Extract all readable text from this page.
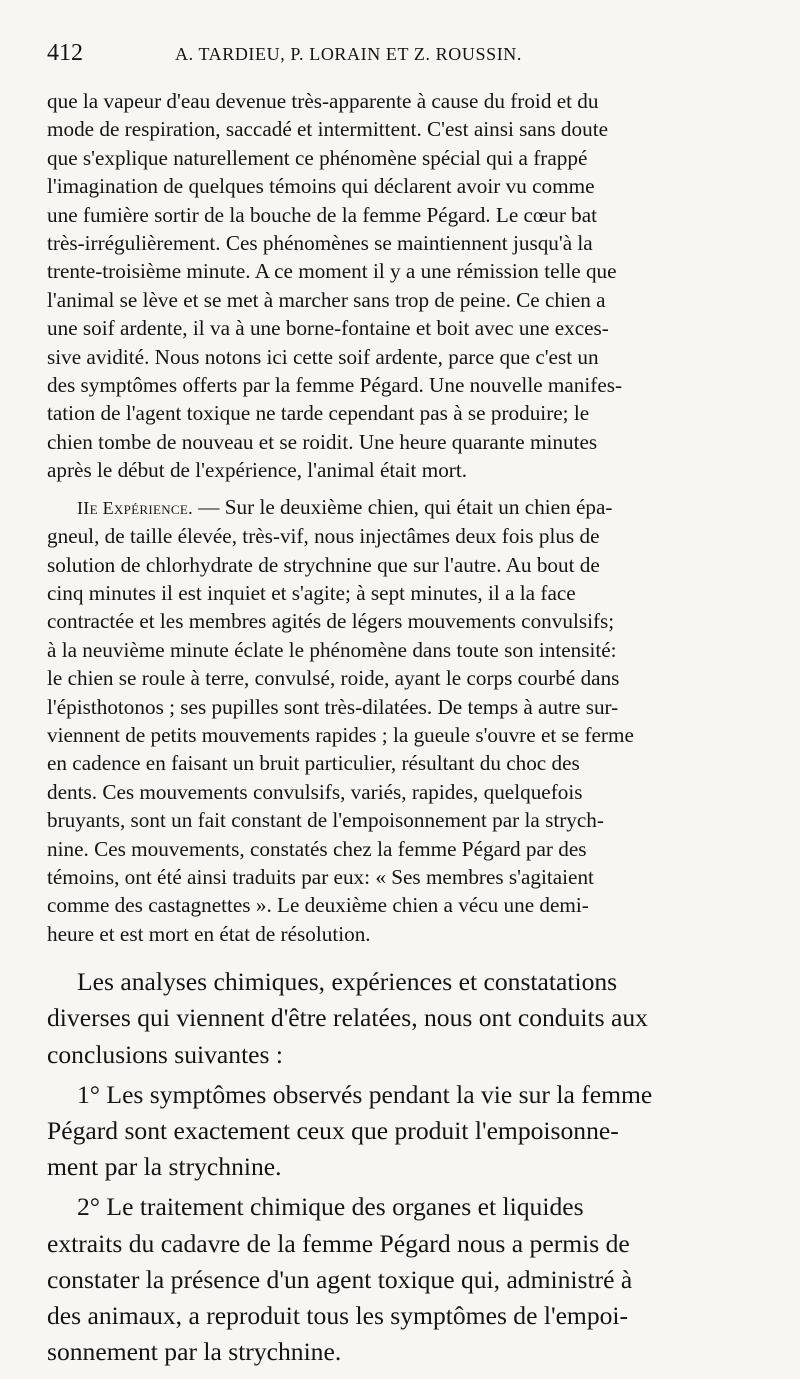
412	A. TARDIEU, P. LORAIN ET Z. ROUSSIN.

que la vapeur d'eau devenue très-apparente à cause du froid et du
mode de respiration, saccadé et intermittent. C'est ainsi sans doute
que s'explique naturellement ce phénomène spécial qui a frappé
l'imagination de quelques témoins qui déclarent avoir vu comme
une fumière sortir de la bouche de la femme Pégard. Le cœur bat
très-irrégulièrement. Ces phénomènes se maintiennent jusqu'à la
trente-troisième minute. A ce moment il y a une rémission telle que
l'animal se lève et se met à marcher sans trop de peine. Ce chien a
une soif ardente, il va à une borne-fontaine et boit avec une exces-
sive avidité. Nous notons ici cette soif ardente, parce que c'est un
des symptômes offerts par la femme Pégard. Une nouvelle manifes-
tation de l'agent toxique ne tarde cependant pas à se produire; le
chien tombe de nouveau et se roidit. Une heure quarante minutes
après le début de l'expérience, l'animal était mort.

IIe Expérience. — Sur le deuxième chien, qui était un chien épa-
gneul, de taille élevée, très-vif, nous injectâmes deux fois plus de
solution de chlorhydrate de strychnine que sur l'autre. Au bout de
cinq minutes il est inquiet et s'agite; à sept minutes, il a la face
contractée et les membres agités de légers mouvements convulsifs;
à la neuvième minute éclate le phénomène dans toute son intensité:
le chien se roule à terre, convulsé, roide, ayant le corps courbé dans
l'épisthotonos ; ses pupilles sont très-dilatées. De temps à autre sur-
viennent de petits mouvements rapides ; la gueule s'ouvre et se ferme
en cadence en faisant un bruit particulier, résultant du choc des
dents. Ces mouvements convulsifs, variés, rapides, quelquefois
bruyants, sont un fait constant de l'empoisonnement par la strych-
nine. Ces mouvements, constatés chez la femme Pégard par des
témoins, ont été ainsi traduits par eux: « Ses membres s'agitaient
comme des castagnettes ». Le deuxième chien a vécu une demi-
heure et est mort en état de résolution.

Les analyses chimiques, expériences et constatations
diverses qui viennent d'être relatées, nous ont conduits aux
conclusions suivantes :

1° Les symptômes observés pendant la vie sur la femme
Pégard sont exactement ceux que produit l'empoisonne-
ment par la strychnine.

2° Le traitement chimique des organes et liquides
extraits du cadavre de la femme Pégard nous a permis de
constater la présence d'un agent toxique qui, administré à
des animaux, a reproduit tous les symptômes de l'empoi-
sonnement par la strychnine.
